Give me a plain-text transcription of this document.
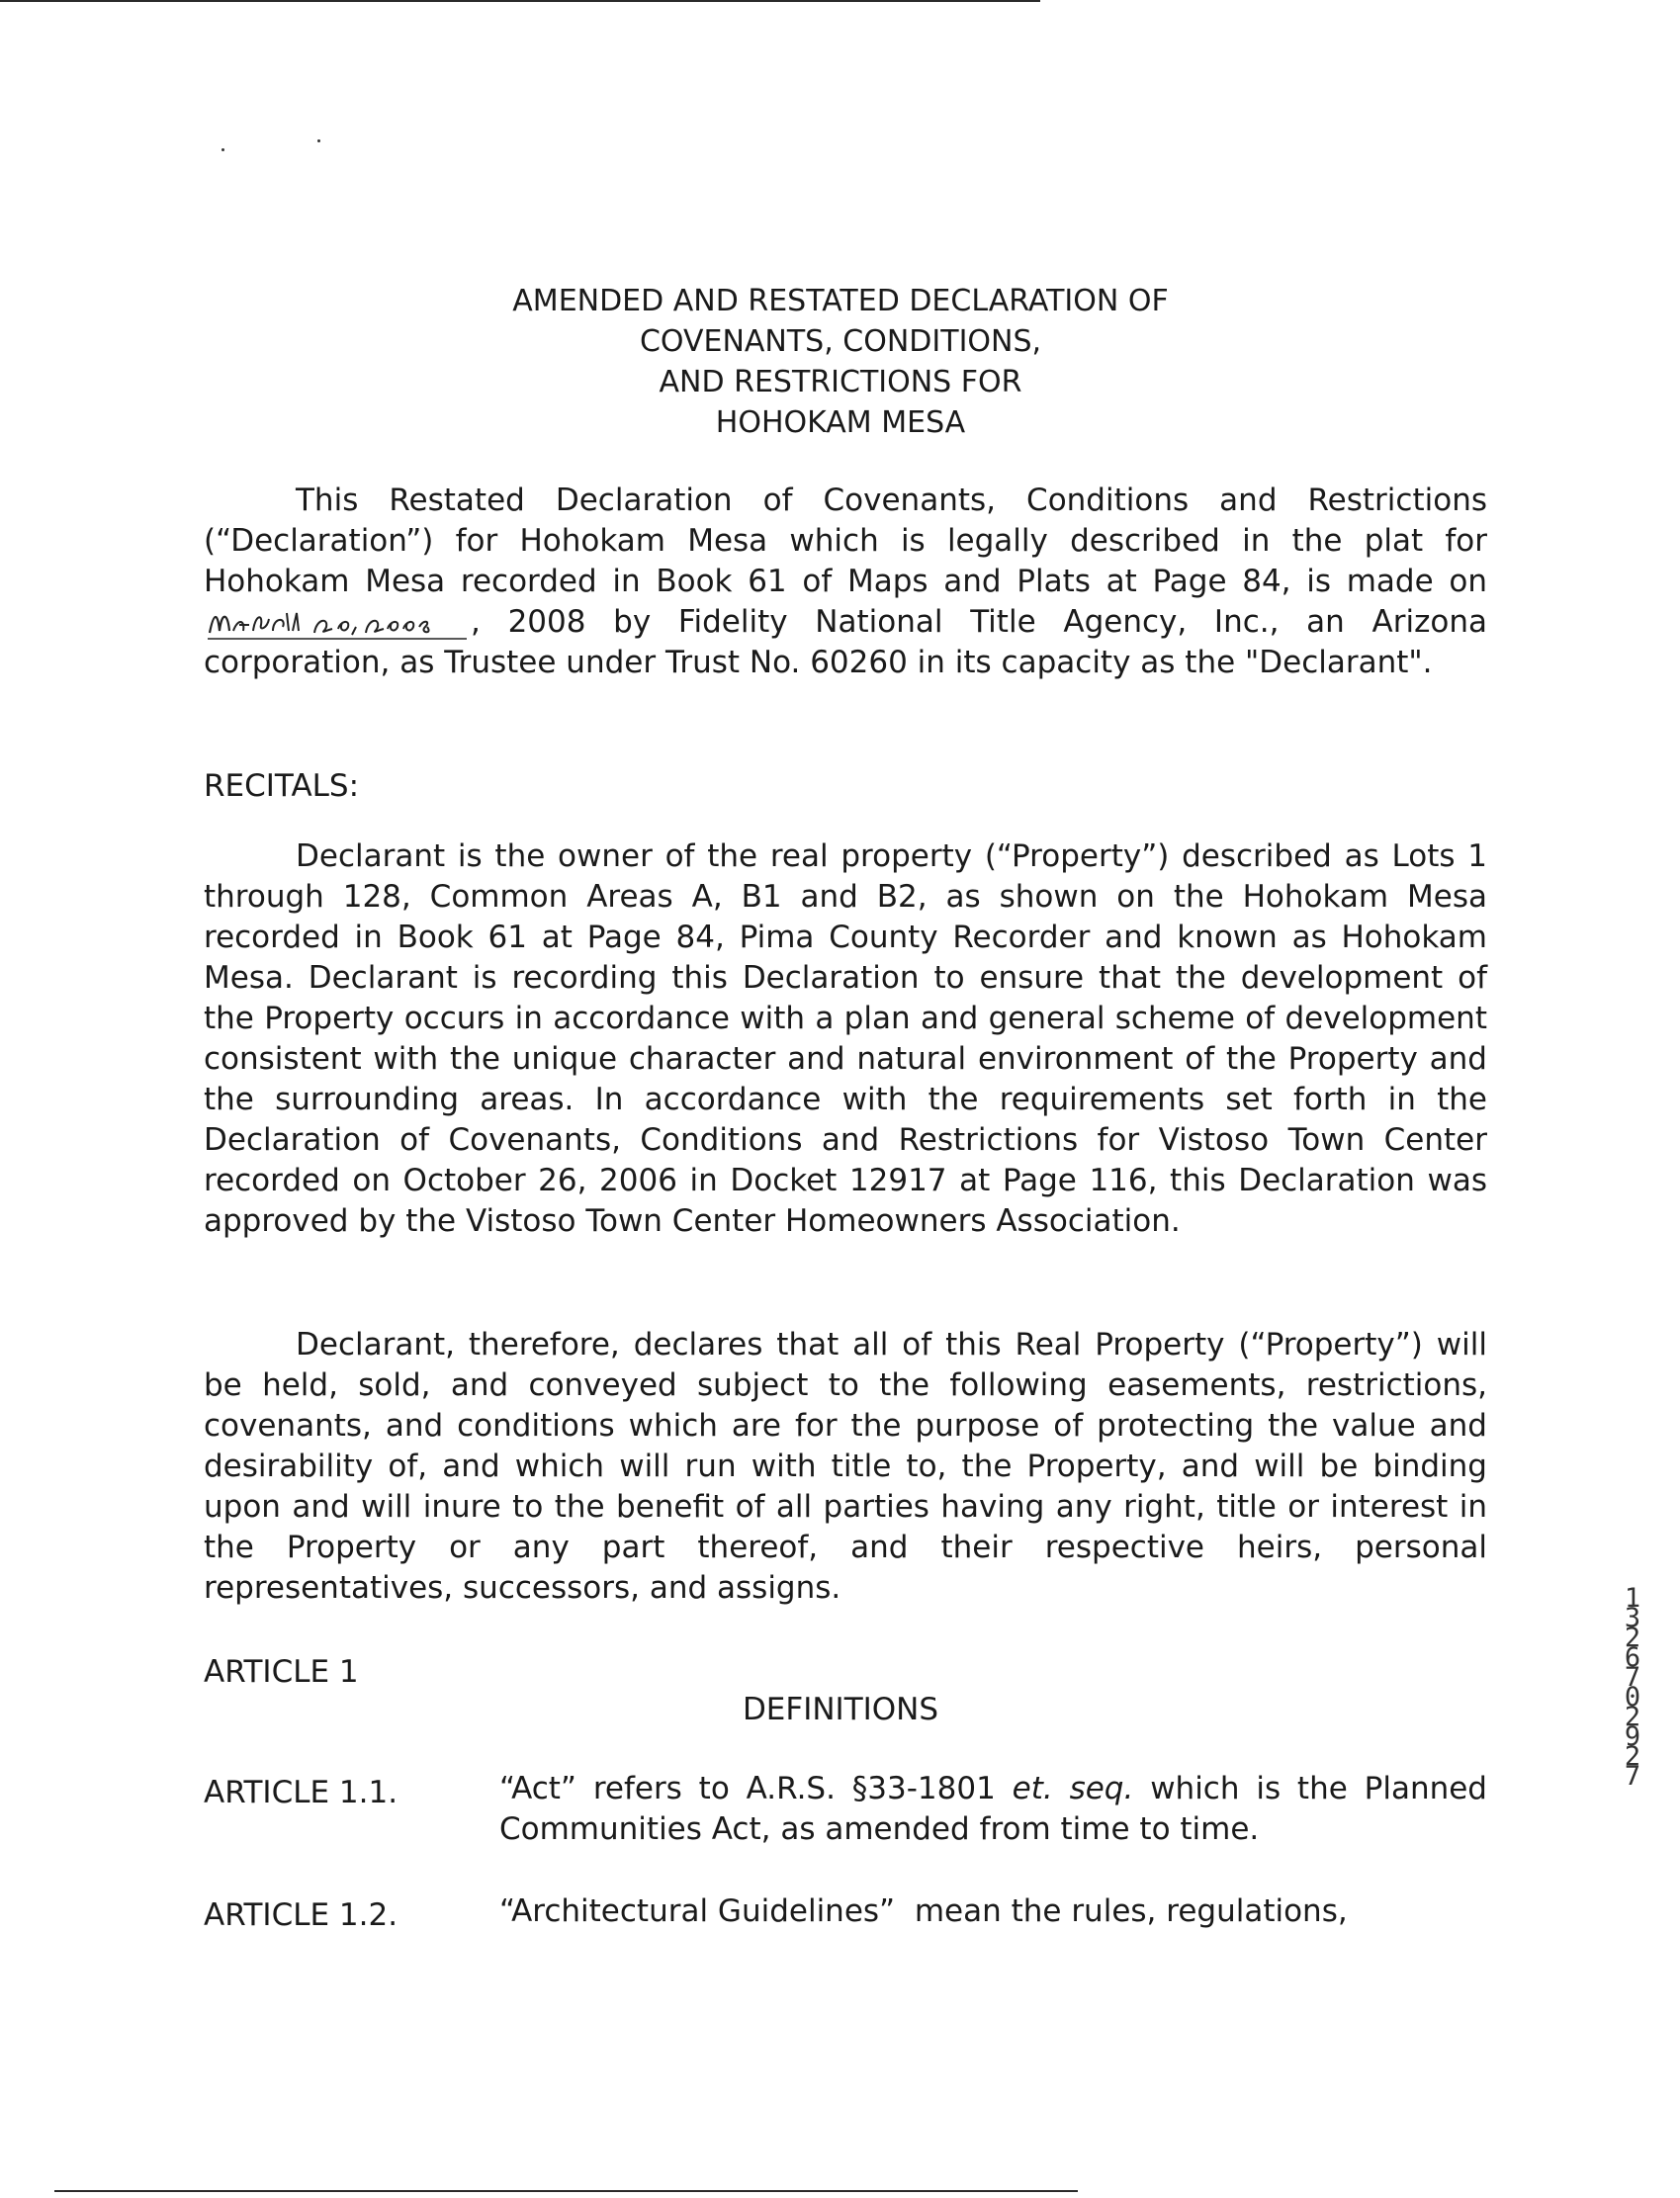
AMENDED AND RESTATED DECLARATION OF
COVENANTS, CONDITIONS,
AND RESTRICTIONS FOR
HOHOKAM MESA
This Restated Declaration of Covenants, Conditions and Restrictions (“Declaration”) for Hohokam Mesa which is legally described in the plat for Hohokam Mesa recorded in Book 61 of Maps and Plats at Page 84, is made on , 2008 by Fidelity National Title Agency, Inc., an Arizona corporation, as Trustee under Trust No. 60260 in its capacity as the "Declarant".
RECITALS:
Declarant is the owner of the real property (“Property”) described as Lots 1 through 128, Common Areas A, B1 and B2, as shown on the Hohokam Mesa recorded in Book 61 at Page 84, Pima County Recorder and known as Hohokam Mesa. Declarant is recording this Declaration to ensure that the development of the Property occurs in accordance with a plan and general scheme of development consistent with the unique character and natural environment of the Property and the surrounding areas. In accordance with the requirements set forth in the Declaration of Covenants, Conditions and Restrictions for Vistoso Town Center recorded on October 26, 2006 in Docket 12917 at Page 116, this Declaration was approved by the Vistoso Town Center Homeowners Association.
Declarant, therefore, declares that all of this Real Property (“Property”) will be held, sold, and conveyed subject to the following easements, restrictions, covenants, and conditions which are for the purpose of protecting the value and desirability of, and which will run with title to, the Property, and will be binding upon and will inure to the benefit of all parties having any right, title or interest in the Property or any part thereof, and their respective heirs, personal representatives, successors, and assigns.
ARTICLE 1
DEFINITIONS
ARTICLE 1.1.	“Act” refers to A.R.S. §33-1801 et. seq. which is the Planned Communities Act, as amended from time to time.
ARTICLE 1.2.	“Architectural Guidelines”  mean the rules, regulations,
13267 02927
